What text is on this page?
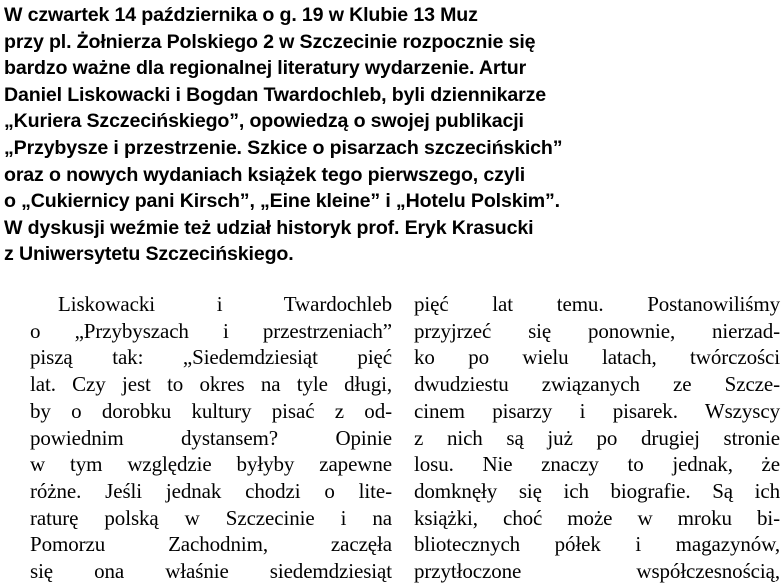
W czwartek 14 października o g. 19 w Klubie 13 Muz
przy pl. Żołnierza Polskiego 2 w Szczecinie rozpocznie się
bardzo ważne dla regionalnej literatury wydarzenie. Artur
Daniel Liskowacki i Bogdan Twardochleb, byli dziennikarze
„Kuriera Szczecińskiego”, opowiedzą o swojej publikacji
„Przybysze i przestrzenie. Szkice o pisarzach szczecińskich”
oraz o nowych wydaniach książek tego pierwszego, czyli
o „Cukiernicy pani Kirsch”, „Eine kleine” i „Hotelu Polskim”.
W dyskusji weźmie też udział historyk prof. Eryk Krasucki
z Uniwersytetu Szczecińskiego.
Liskowacki i Twardochleb
o „Przybyszach i przestrzeniach”
piszą tak: „Siedemdziesiąt pięć
lat. Czy jest to okres na tyle długi,
by o dorobku kultury pisać z od-
powiednim dystansem? Opinie
w tym względzie byłyby zapewne
różne. Jeśli jednak chodzi o lite-
raturę polską w Szczecinie i na
Pomorzu Zachodnim, zaczęła
się ona właśnie siedemdziesiąt
pięć lat temu. Postanowiliśmy
przyjrzeć się ponownie, nierzad-
ko po wielu latach, twórczości
dwudziestu związanych ze Szcze-
cinem pisarzy i pisarek. Wszyscy
z nich są już po drugiej stronie
losu. Nie znaczy to jednak, że
domknęły się ich biografie. Są ich
książki, choć może w mroku bi-
bliotecznych półek i magazynów,
przytłoczone współczesnością,
